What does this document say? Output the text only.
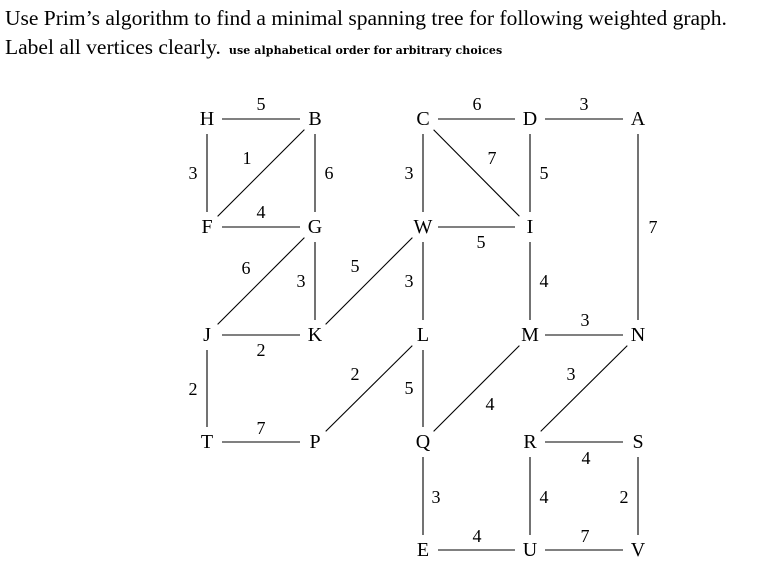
Use Prim’s algorithm to find a minimal spanning tree for following weighted graph. Label all vertices clearly. use alphabetical order for arbitrary choices

5
3
1
6
4
6
3
5
2
2
7
6	3
3
7
5
7
5
3	4
3
2
5
4
3
4
3	4	2
4	7
A
B	C	D
E
F	G
H
I
J	K	L	M	N
P	Q	R	S
T
U	V
W
